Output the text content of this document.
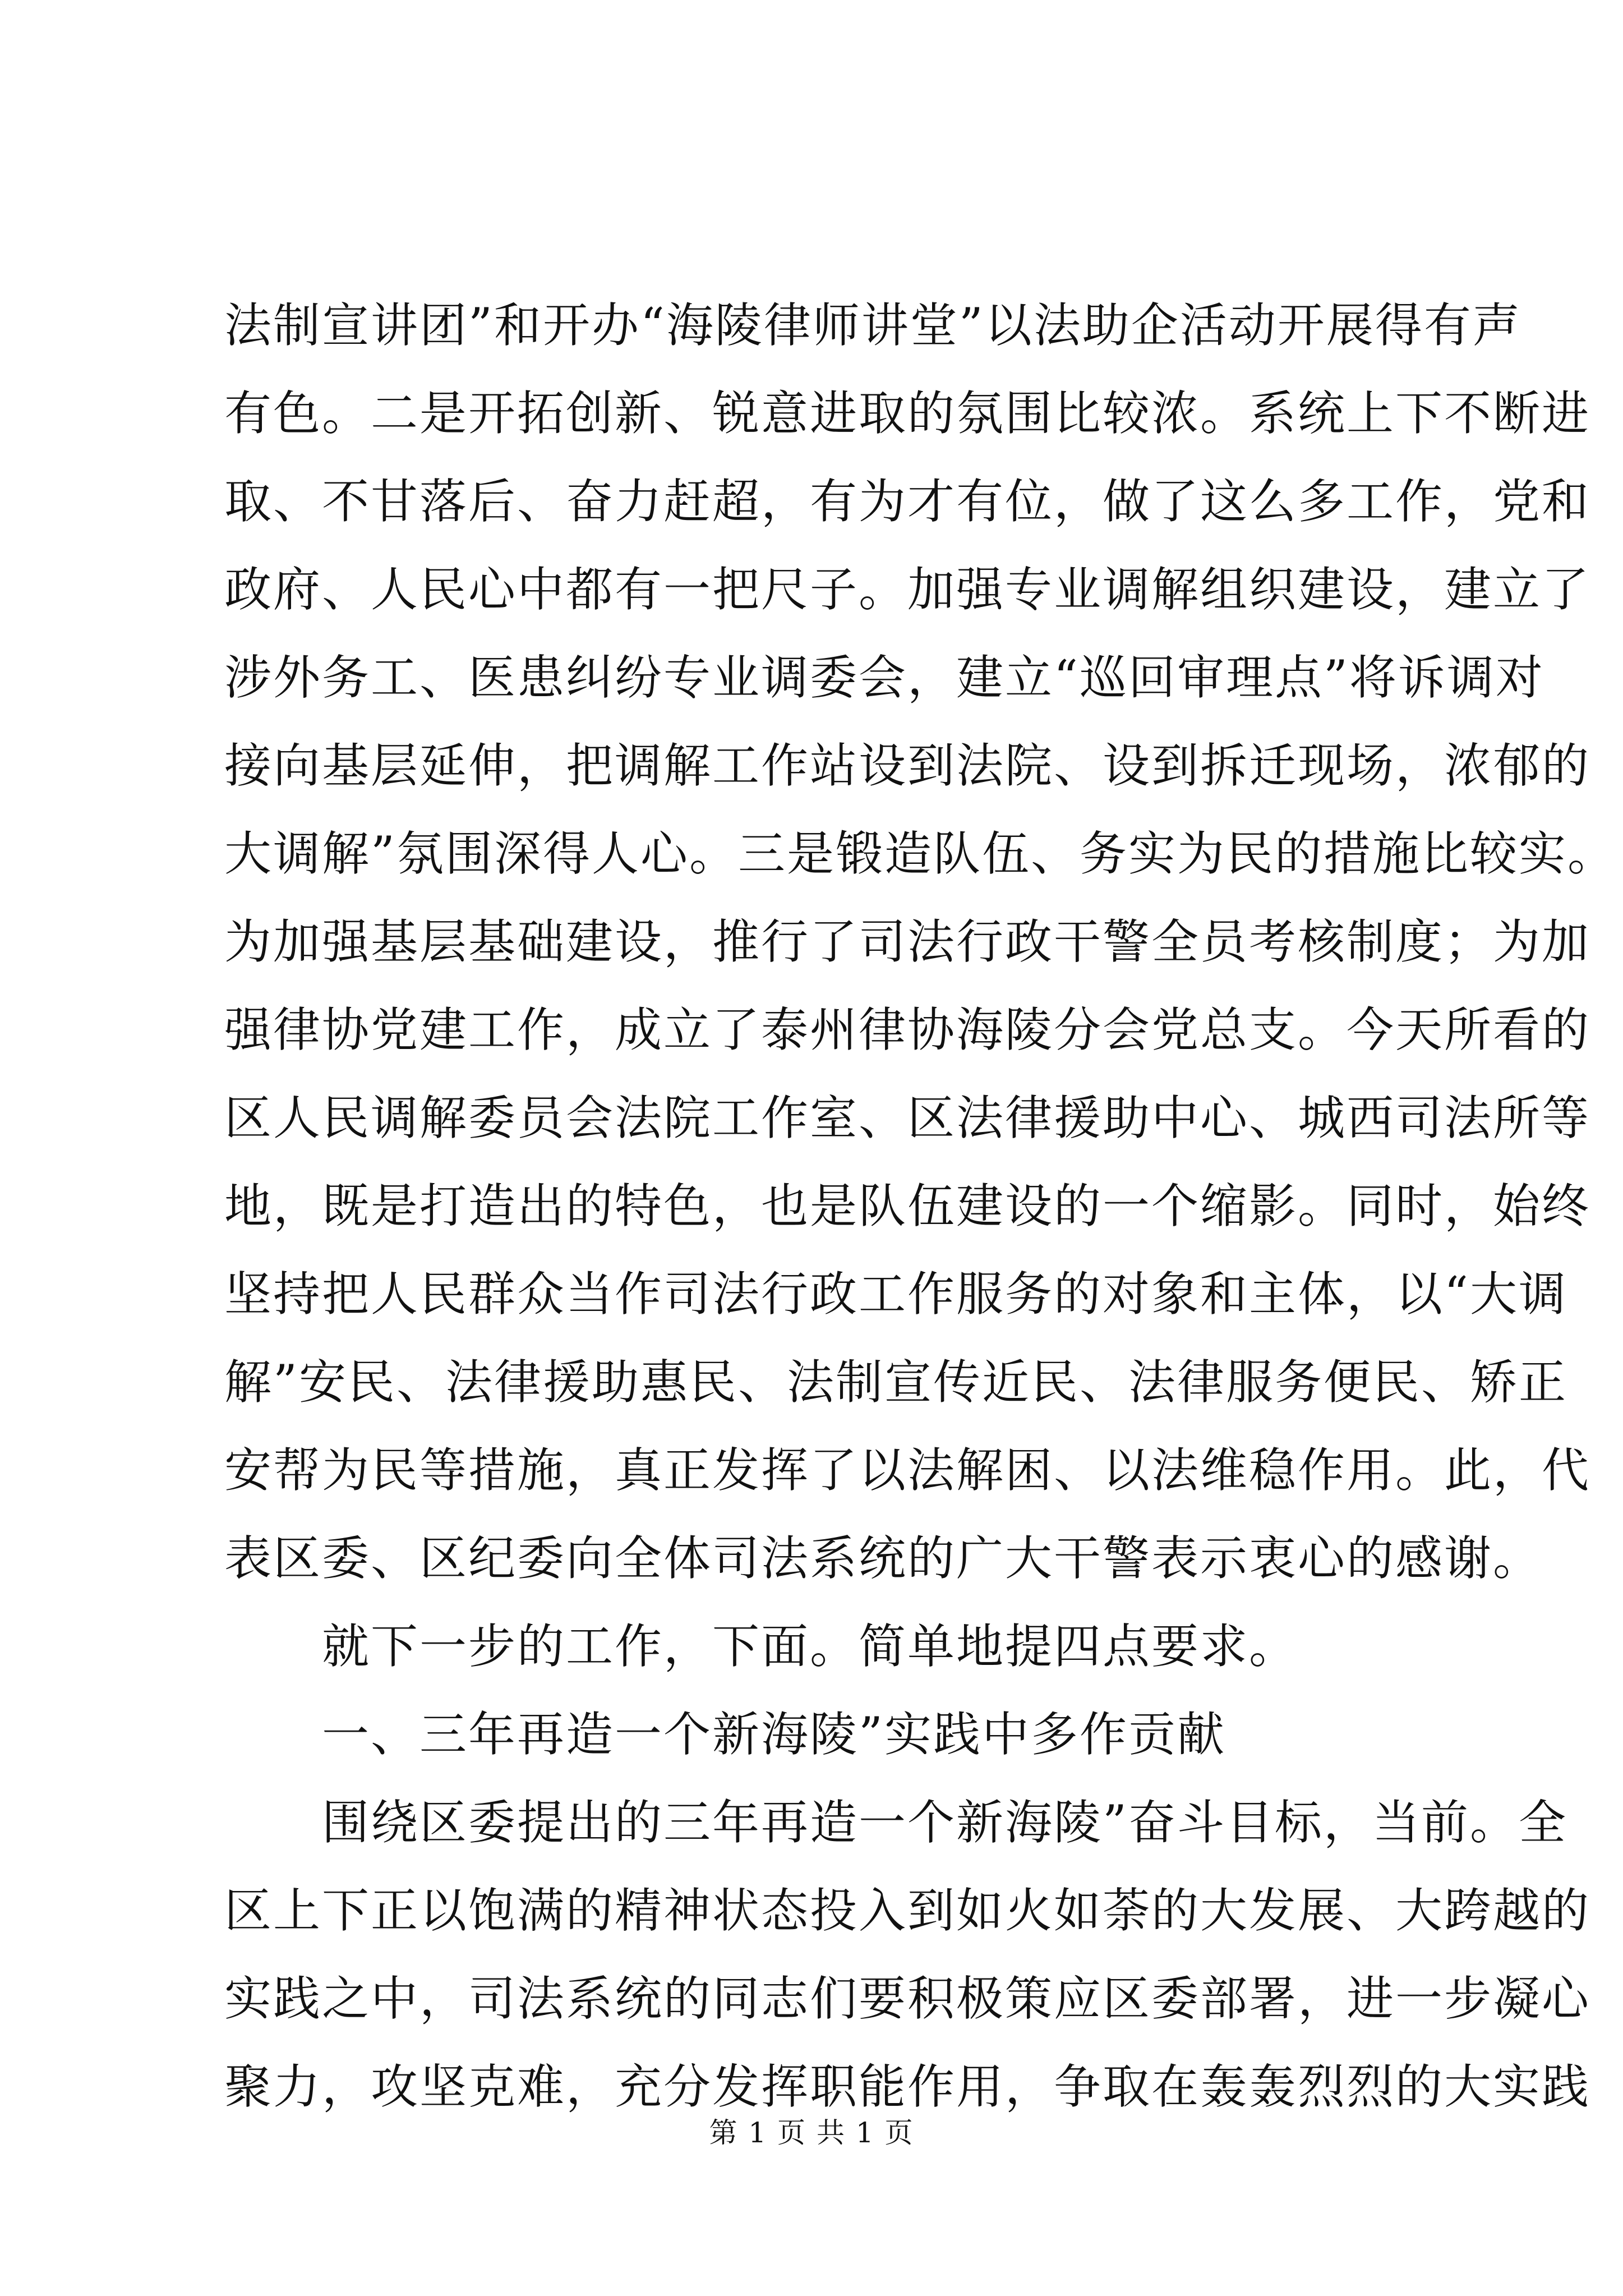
法制宣讲团”和开办“海陵律师讲堂”以法助企活动开展得有声
有色。二是开拓创新、锐意进取的氛围比较浓。系统上下不断进
取、不甘落后、奋力赶超，有为才有位，做了这么多工作，党和
政府、人民心中都有一把尺子。加强专业调解组织建设，建立了
涉外务工、医患纠纷专业调委会，建立“巡回审理点”将诉调对
接向基层延伸，把调解工作站设到法院、设到拆迁现场，浓郁的
大调解”氛围深得人心。三是锻造队伍、务实为民的措施比较实。
为加强基层基础建设，推行了司法行政干警全员考核制度；为加
强律协党建工作，成立了泰州律协海陵分会党总支。今天所看的
区人民调解委员会法院工作室、区法律援助中心、城西司法所等
地，既是打造出的特色，也是队伍建设的一个缩影。同时，始终
坚持把人民群众当作司法行政工作服务的对象和主体，以“大调
解”安民、法律援助惠民、法制宣传近民、法律服务便民、矫正
安帮为民等措施，真正发挥了以法解困、以法维稳作用。此，代
表区委、区纪委向全体司法系统的广大干警表示衷心的感谢。
　　就下一步的工作，下面。简单地提四点要求。
　　一、三年再造一个新海陵”实践中多作贡献
　　围绕区委提出的三年再造一个新海陵”奋斗目标，当前。全
区上下正以饱满的精神状态投入到如火如荼的大发展、大跨越的
实践之中，司法系统的同志们要积极策应区委部署，进一步凝心
聚力，攻坚克难，充分发挥职能作用，争取在轰轰烈烈的大实践
第 1 页 共 1 页
